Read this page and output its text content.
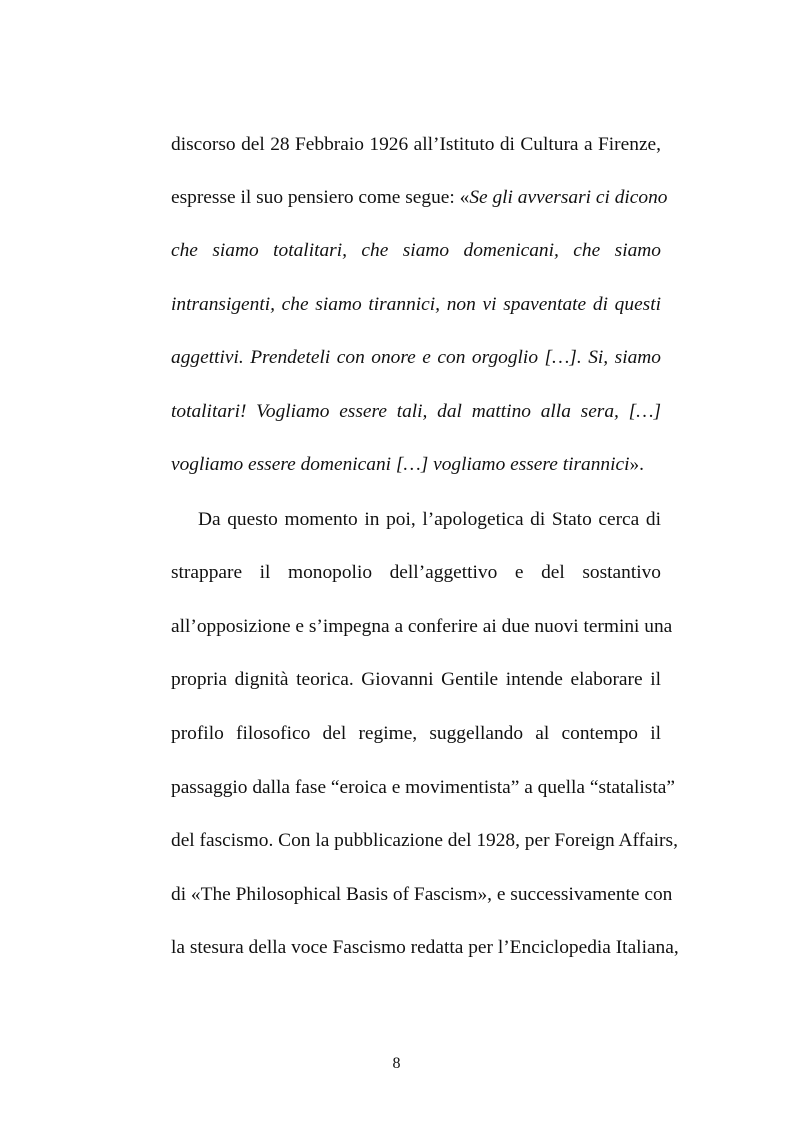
discorso del 28 Febbraio 1926 all’Istituto di Cultura a Firenze,
espresse il suo pensiero come segue: «Se gli avversari ci dicono
che siamo totalitari, che siamo domenicani, che siamo
intransigenti, che siamo tirannici, non vi spaventate di questi
aggettivi. Prendeteli con onore e con orgoglio […]. Si, siamo
totalitari! Vogliamo essere tali, dal mattino alla sera, […]
vogliamo essere domenicani […] vogliamo essere tirannici».
Da questo momento in poi, l’apologetica di Stato cerca di
strappare il monopolio dell’aggettivo e del sostantivo
all’opposizione e s’impegna a conferire ai due nuovi termini una
propria dignità teorica. Giovanni Gentile intende elaborare il
profilo filosofico del regime, suggellando al contempo il
passaggio dalla fase “eroica e movimentista” a quella “statalista”
del fascismo. Con la pubblicazione del 1928, per Foreign Affairs,
di «The Philosophical Basis of Fascism», e successivamente con
la stesura della voce Fascismo redatta per l’Enciclopedia Italiana,
8
